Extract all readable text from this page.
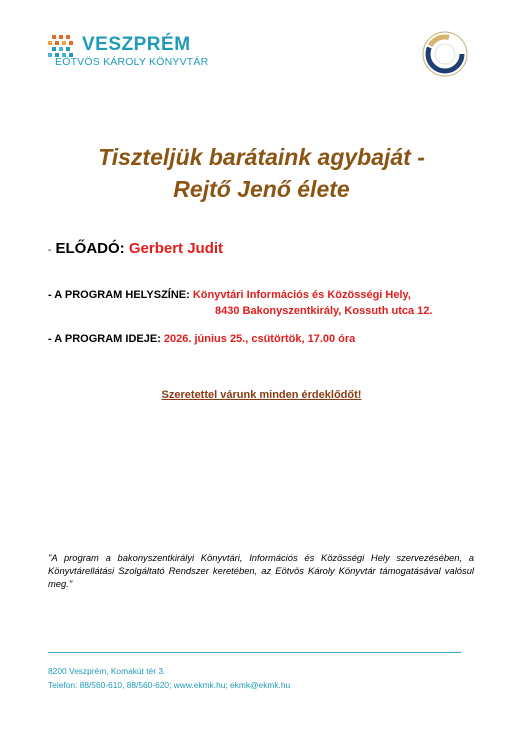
VESZPRÉM
EÖTVÖS KÁROLY KÖNYVTÁR
Tiszteljük barátaink agybaját -
Rejtő Jenő élete
- ELŐADÓ: Gerbert Judit
- A PROGRAM HELYSZÍNE: Könyvtári Információs és Közösségi Hely,
8430 Bakonyszentkirály, Kossuth utca 12.
- A PROGRAM IDEJE: 2026. június 25., csütörtök, 17.00 óra
Szeretettel várunk minden érdeklődőt!
"A program a bakonyszentkirályi Könyvtári, Információs és Közösségi Hely szervezésében, a Könyvtárellátási Szolgáltató Rendszer keretében, az Eötvös Károly Könyvtár támogatásával valósul meg."
8200 Veszprém, Komakút tér 3.
Telefon: 88/560-610, 88/560-620; www.ekmk.hu; ekmk@ekmk.hu
